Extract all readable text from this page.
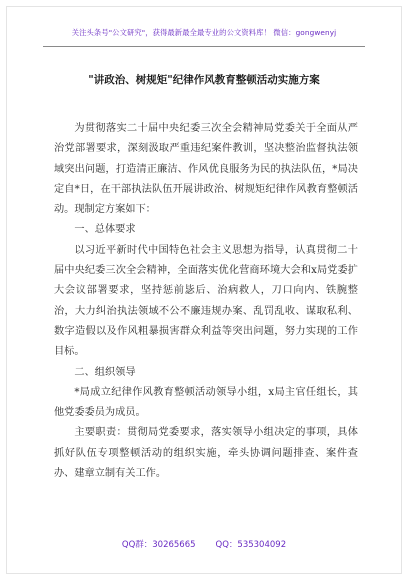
关注头条号"公文研究"，获得最新最全最专业的公文资料库！ 微信：gongwenyj
"讲政治、树规矩"纪律作风教育整顿活动实施方案

为贯彻落实二十届中央纪委三次全会精神局党委关于全面从严治党部署要求，深刻汲取严重违纪案件教训，坚决整治监督执法领域突出问题，打造清正廉洁、作风优良服务为民的执法队伍，*局决定自*日，在干部执法队伍开展讲政治、树规矩纪律作风教育整顿活动。现制定方案如下：

一、总体要求

以习近平新时代中国特色社会主义思想为指导，认真贯彻二十届中央纪委三次全会精神，全面落实优化营商环境大会和x局党委扩大会议部署要求，坚持惩前毖后、治病救人，刀口向内、铁腕整治，大力纠治执法领域不公不廉违规办案、乱罚乱收、谋取私利、数字造假以及作风粗暴损害群众利益等突出问题，努力实现的工作目标。

二、组织领导

*局成立纪律作风教育整顿活动领导小组，x局主官任组长，其他党委委员为成员。

主要职责：贯彻局党委要求，落实领导小组决定的事项，具体抓好队伍专项整顿活动的组织实施，牵头协调问题排查、案件查办、建章立制有关工作。

QQ群：30265665 QQ：535304092
